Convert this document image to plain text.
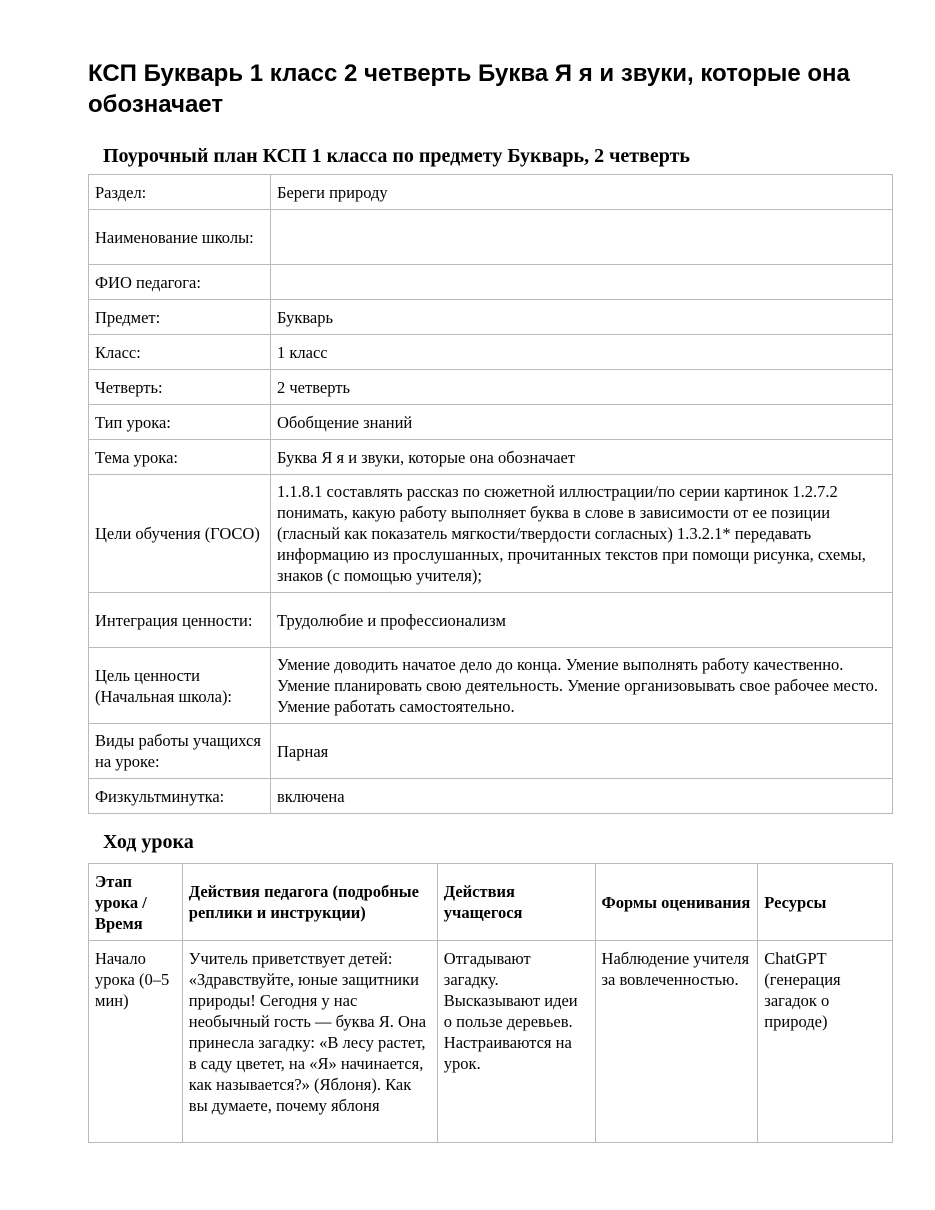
КСП Букварь 1 класс 2 четверть Буква Я я и звуки, которые она обозначает
Поурочный план КСП 1 класса по предмету Букварь, 2 четверть
Раздел:	Береги природу
Наименование школы:	
ФИО педагога:	
Предмет:	Букварь
Класс:	1 класс
Четверть:	2 четверть
Тип урока:	Обобщение знаний
Тема урока:	Буква Я я и звуки, которые она обозначает
Цели обучения (ГОСО)	1.1.8.1 составлять рассказ по сюжетной иллюстрации/по серии картинок 1.2.7.2 понимать, какую работу выполняет буква в слове в зависимости от ее позиции (гласный как показатель мягкости/твердости согласных) 1.3.2.1* передавать информацию из прослушанных, прочитанных текстов при помощи рисунка, схемы, знаков (с помощью учителя);
Интеграция ценности:	Трудолюбие и профессионализм
Цель ценности (Начальная школа):	Умение доводить начатое дело до конца. Умение выполнять работу качественно. Умение планировать свою деятельность. Умение организовывать свое рабочее место. Умение работать самостоятельно.
Виды работы учащихся на уроке:	Парная
Физкультминутка:	включена
Ход урока
Этап урока / Время	Действия педагога (подробные реплики и инструкции)	Действия учащегося	Формы оценивания	Ресурсы
Начало урока (0–5 мин)	Учитель приветствует детей: «Здравствуйте, юные защитники природы! Сегодня у нас необычный гость — буква Я. Она принесла загадку: «В лесу растет, в саду цветет, на «Я» начинается, как называется?» (Яблоня). Как вы думаете, почему яблоня	Отгадывают загадку. Высказывают идеи о пользе деревьев. Настраиваются на урок.	Наблюдение учителя за вовлеченностью.	ChatGPT (генерация загадок о природе)
